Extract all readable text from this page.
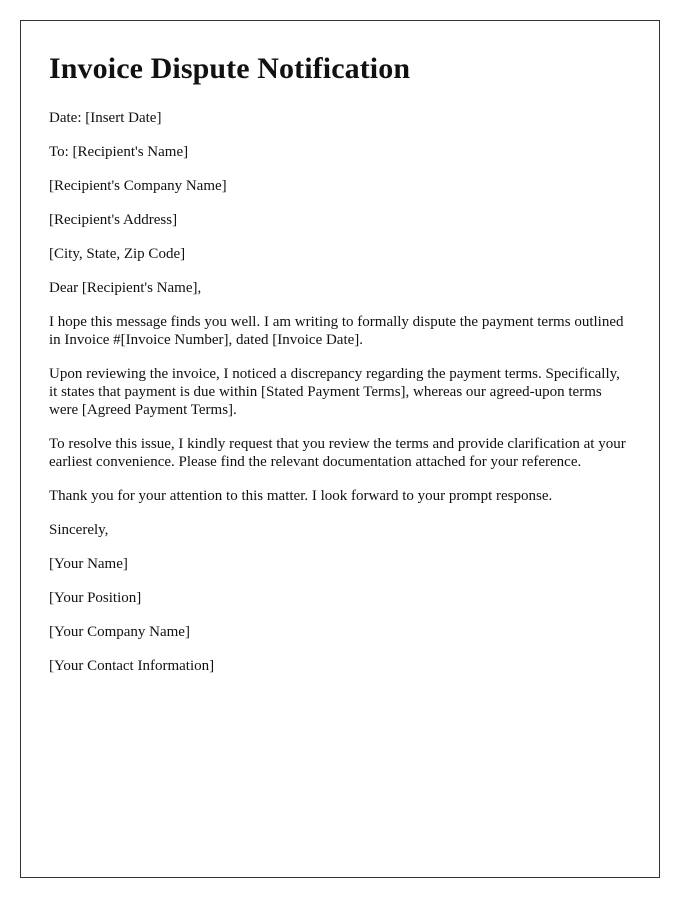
Invoice Dispute Notification

Date: [Insert Date]

To: [Recipient's Name]

[Recipient's Company Name]

[Recipient's Address]

[City, State, Zip Code]

Dear [Recipient's Name],

I hope this message finds you well. I am writing to formally dispute the payment terms outlined in Invoice #[Invoice Number], dated [Invoice Date].

Upon reviewing the invoice, I noticed a discrepancy regarding the payment terms. Specifically, it states that payment is due within [Stated Payment Terms], whereas our agreed-upon terms were [Agreed Payment Terms].

To resolve this issue, I kindly request that you review the terms and provide clarification at your earliest convenience. Please find the relevant documentation attached for your reference.

Thank you for your attention to this matter. I look forward to your prompt response.

Sincerely,

[Your Name]

[Your Position]

[Your Company Name]

[Your Contact Information]
